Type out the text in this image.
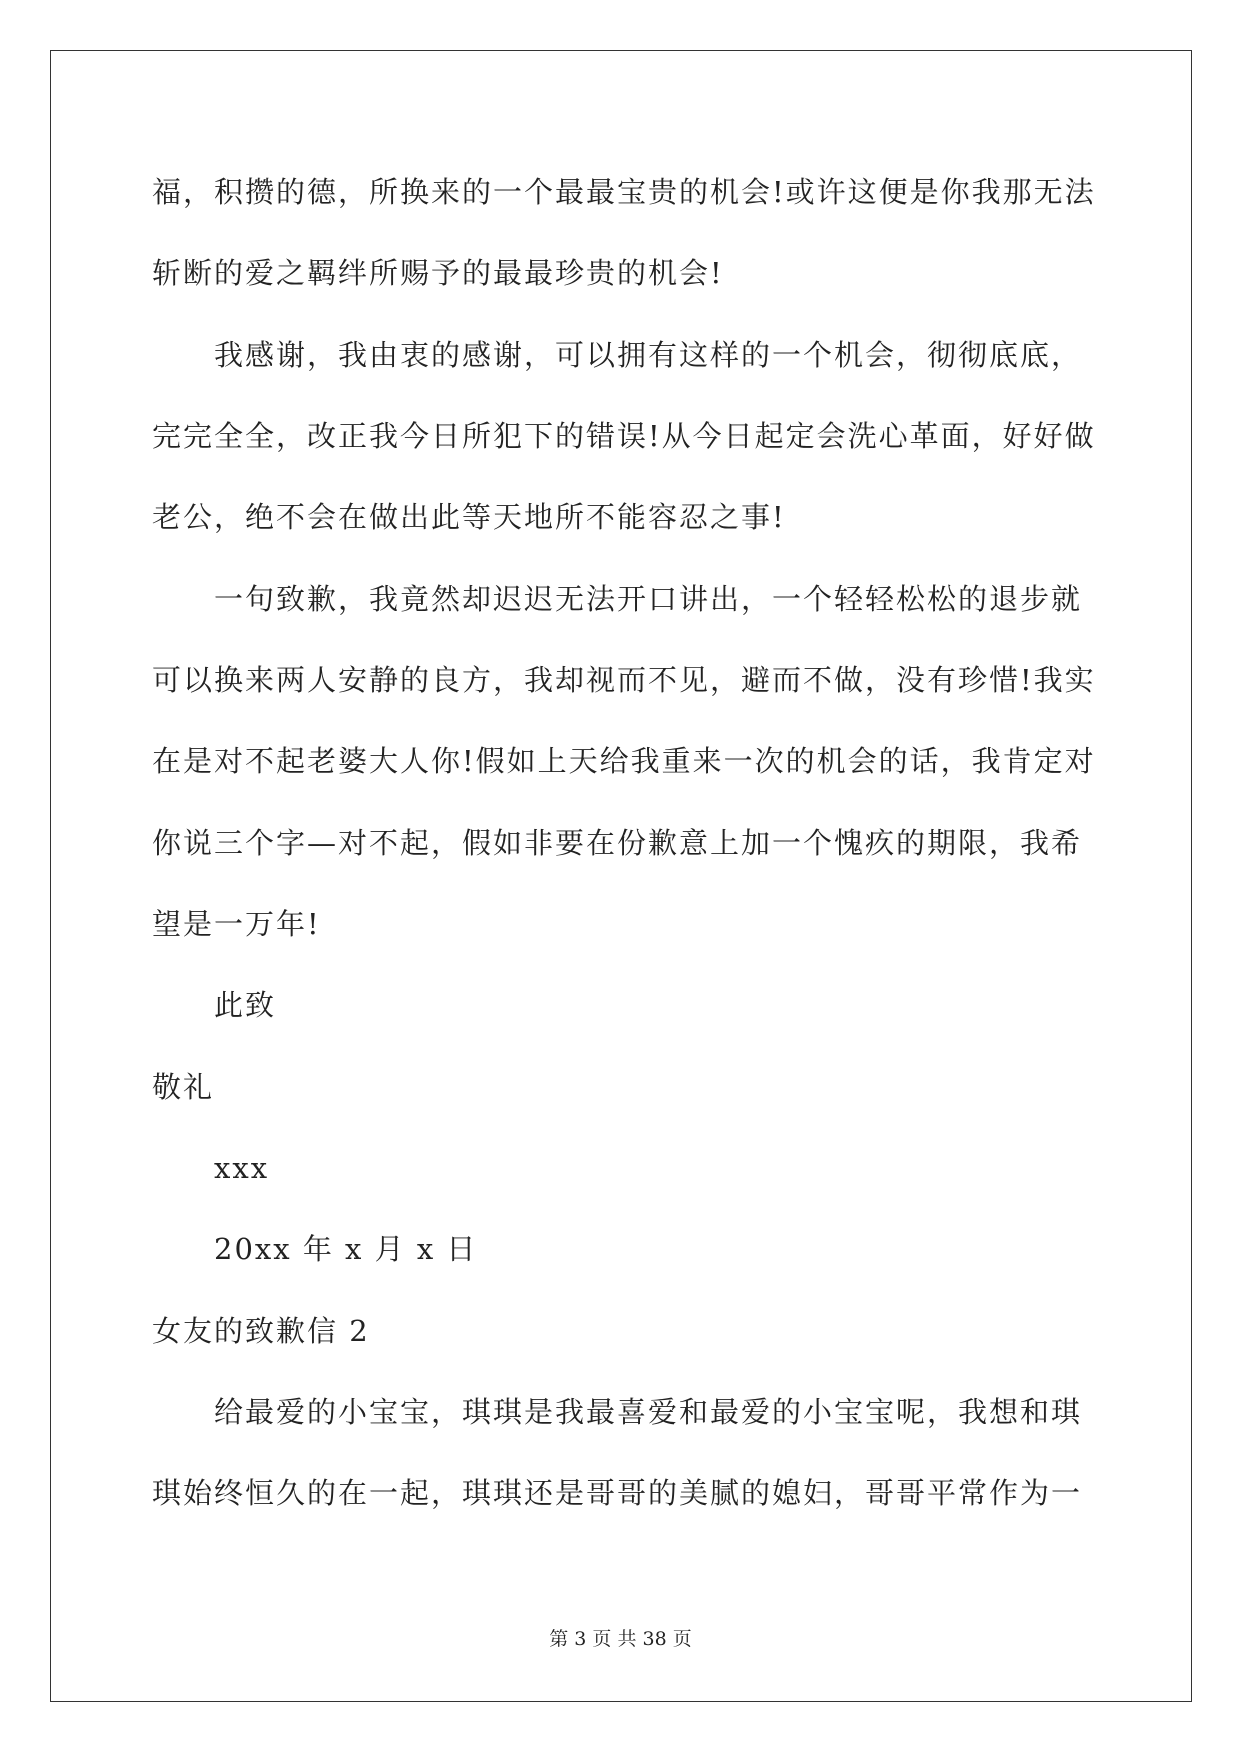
福，积攒的德，所换来的一个最最宝贵的机会!或许这便是你我那无法
斩断的爱之羁绊所赐予的最最珍贵的机会!
我感谢，我由衷的感谢，可以拥有这样的一个机会，彻彻底底，
完完全全，改正我今日所犯下的错误!从今日起定会洗心革面，好好做
老公，绝不会在做出此等天地所不能容忍之事!
一句致歉，我竟然却迟迟无法开口讲出，一个轻轻松松的退步就
可以换来两人安静的良方，我却视而不见，避而不做，没有珍惜!我实
在是对不起老婆大人你!假如上天给我重来一次的机会的话，我肯定对
你说三个字—对不起，假如非要在份歉意上加一个愧疚的期限，我希
望是一万年!
此致
敬礼
xxx
20xx 年 x 月 x 日
女友的致歉信 2
给最爱的小宝宝，琪琪是我最喜爱和最爱的小宝宝呢，我想和琪
琪始终恒久的在一起，琪琪还是哥哥的美腻的媳妇，哥哥平常作为一
第 3 页 共 38 页
